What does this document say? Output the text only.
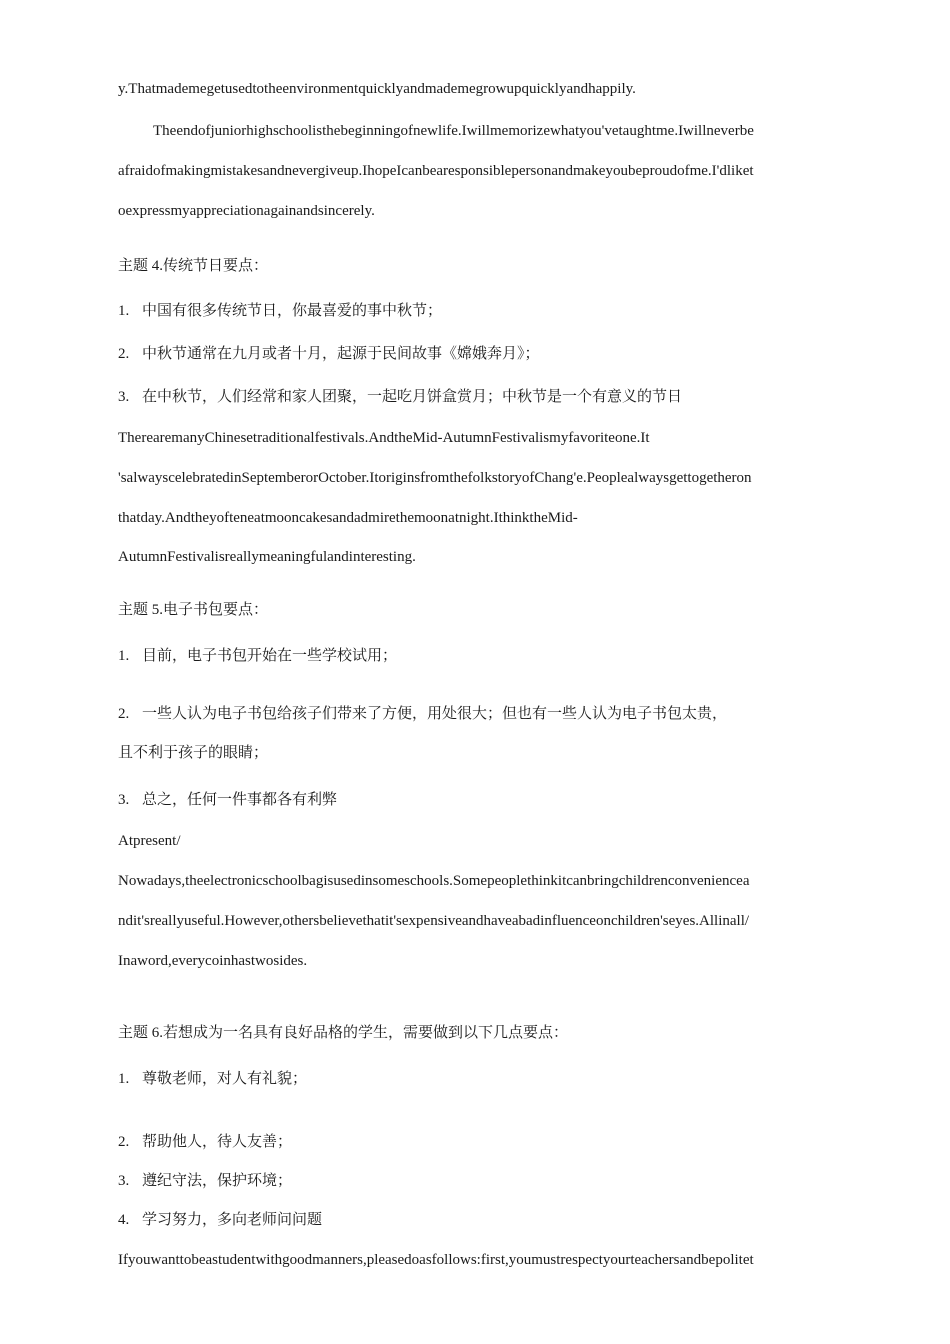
y.Thatmademegetusedtotheenvironmentquicklyandmademegrowupquicklyandhappily.
Theendofjuniorhighschoolisthebeginningofnewlife.Iwillmemorizewhatyou'vetaughtme.Iwillneverbe
afraidofmakingmistakesandnevergiveup.IhopeIcanbearesponsiblepersonandmakeyoubeproudofme.I'dliket
oexpressmyappreciationagainandsincerely.
主题 4.传统节日要点：
1. 中国有很多传统节日，你最喜爱的事中秋节；
2. 中秋节通常在九月或者十月，起源于民间故事《嫦娥奔月》；
3. 在中秋节，人们经常和家人团聚，一起吃月饼盒赏月；中秋节是一个有意义的节日
TherearemanyChinesetraditionalfestivals.AndtheMid-AutumnFestivalismyfavoriteone.It
'salwayscelebratedinSeptemberorOctober.ItoriginsfromthefolkstoryofChang'e.Peoplealwaysgettogetheron
thatday.Andtheyofteneatmooncakesandadmirethemoonatnight.IthinktheMid-
AutumnFestivalisreallymeaningfulandinteresting.
主题 5.电子书包要点：
1. 目前，电子书包开始在一些学校试用；
2. 一些人认为电子书包给孩子们带来了方便，用处很大；但也有一些人认为电子书包太贵，
且不利于孩子的眼睛；
3. 总之，任何一件事都各有利弊
Atpresent/
Nowadays,theelectronicschoolbagisusedinsomeschools.Somepeoplethinkitcanbringchildrenconvenienceа
ndit'sreallyuseful.However,othersbelievethatit'sexpensiveandhaveabadinfluenceonchildren'seyes.Allinall/
Inaword,everycoinhastwosides.
主题 6.若想成为一名具有良好品格的学生，需要做到以下几点要点：
1. 尊敬老师，对人有礼貌；
2. 帮助他人，待人友善；
3. 遵纪守法，保护环境；
4. 学习努力，多向老师问问题
Ifyouwanttobeastudentwithgoodmanners,pleasedoasfollows:first,youmustrespectyourteachersandbepolitet
